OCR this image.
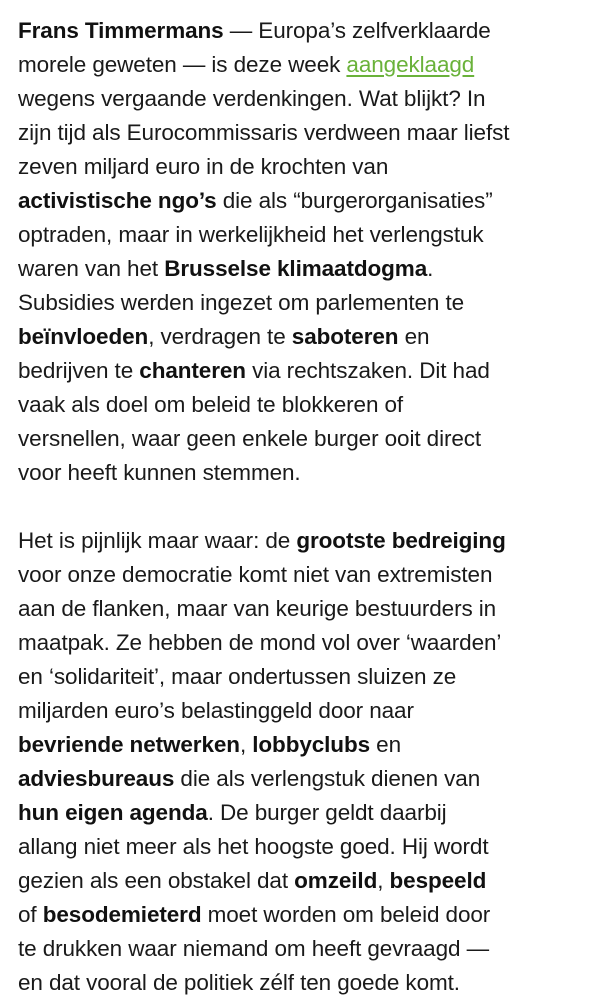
Frans Timmermans — Europa’s zelfverklaarde
morele geweten — is deze week aangeklaagd
wegens vergaande verdenkingen. Wat blijkt? In
zijn tijd als Eurocommissaris verdween maar liefst
zeven miljard euro in de krochten van
activistische ngo’s die als “burgerorganisaties”
optraden, maar in werkelijkheid het verlengstuk
waren van het Brusselse klimaatdogma.
Subsidies werden ingezet om parlementen te
beïnvloeden, verdragen te saboteren en
bedrijven te chanteren via rechtszaken. Dit had
vaak als doel om beleid te blokkeren of
versnellen, waar geen enkele burger ooit direct
voor heeft kunnen stemmen.
Het is pijnlijk maar waar: de grootste bedreiging
voor onze democratie komt niet van extremisten
aan de flanken, maar van keurige bestuurders in
maatpak. Ze hebben de mond vol over ‘waarden’
en ‘solidariteit’, maar ondertussen sluizen ze
miljarden euro’s belastinggeld door naar
bevriende netwerken, lobbyclubs en
adviesbureaus die als verlengstuk dienen van
hun eigen agenda. De burger geldt daarbij
allang niet meer als het hoogste goed. Hij wordt
gezien als een obstakel dat omzeild, bespeeld
of besodemieterd moet worden om beleid door
te drukken waar niemand om heeft gevraagd —
en dat vooral de politiek zélf ten goede komt.
